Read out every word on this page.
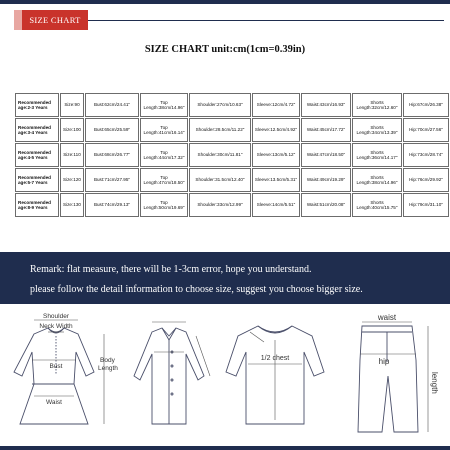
SIZE CHART
SIZE CHART unit:cm(1cm=0.39in)
Recommended age:2-3 Years	Size:90	Bust:62cm/24.41"	Top Length:38cm/14.96"	Shoulder:27cm/10.63"	Sleeve:12cm/4.72"	Waist:43cm/16.93"	Shorts Length:32cm/12.60"	Hip:67cm/26.38"
Recommended age:3-4 Years	Size:100	Bust:65cm/25.59"	Top Length:41cm/16.14"	Shoulder:28.5cm/11.22"	Sleeve:12.5cm/4.92"	Waist:45cm/17.72"	Shorts Length:34cm/13.39"	Hip:70cm/27.56"
Recommended age:4-5 Years	Size:110	Bust:68cm/26.77"	Top Length:44cm/17.32"	Shoulder:30cm/11.81"	Sleeve:13cm/5.12"	Waist:47cm/18.50"	Shorts Length:36cm/14.17"	Hip:73cm/28.74"
Recommended age:5-7 Years	Size:120	Bust:71cm/27.95"	Top Length:47cm/18.50"	Shoulder:31.5cm/12.40"	Sleeve:13.5cm/5.31"	Waist:49cm/19.29"	Shorts Length:38cm/14.96"	Hip:76cm/29.92"
Recommended age:8-9 Years	Size:130	Bust:74cm/29.13"	Top Length:50cm/19.69"	Shoulder:33cm/12.99"	Sleeve:14cm/5.51"	Waist:51cm/20.08"	Shorts Length:40cm/15.75"	Hip:79cm/31.10"
Remark: flat measure, there will be 1-3cm error, hope you understand.
please follow the detail information to choose size, suggest you choose bigger size.
Shoulder
Neck Width
Bust
Waist
Body
Length
1/2 chest
waist
hip
length
